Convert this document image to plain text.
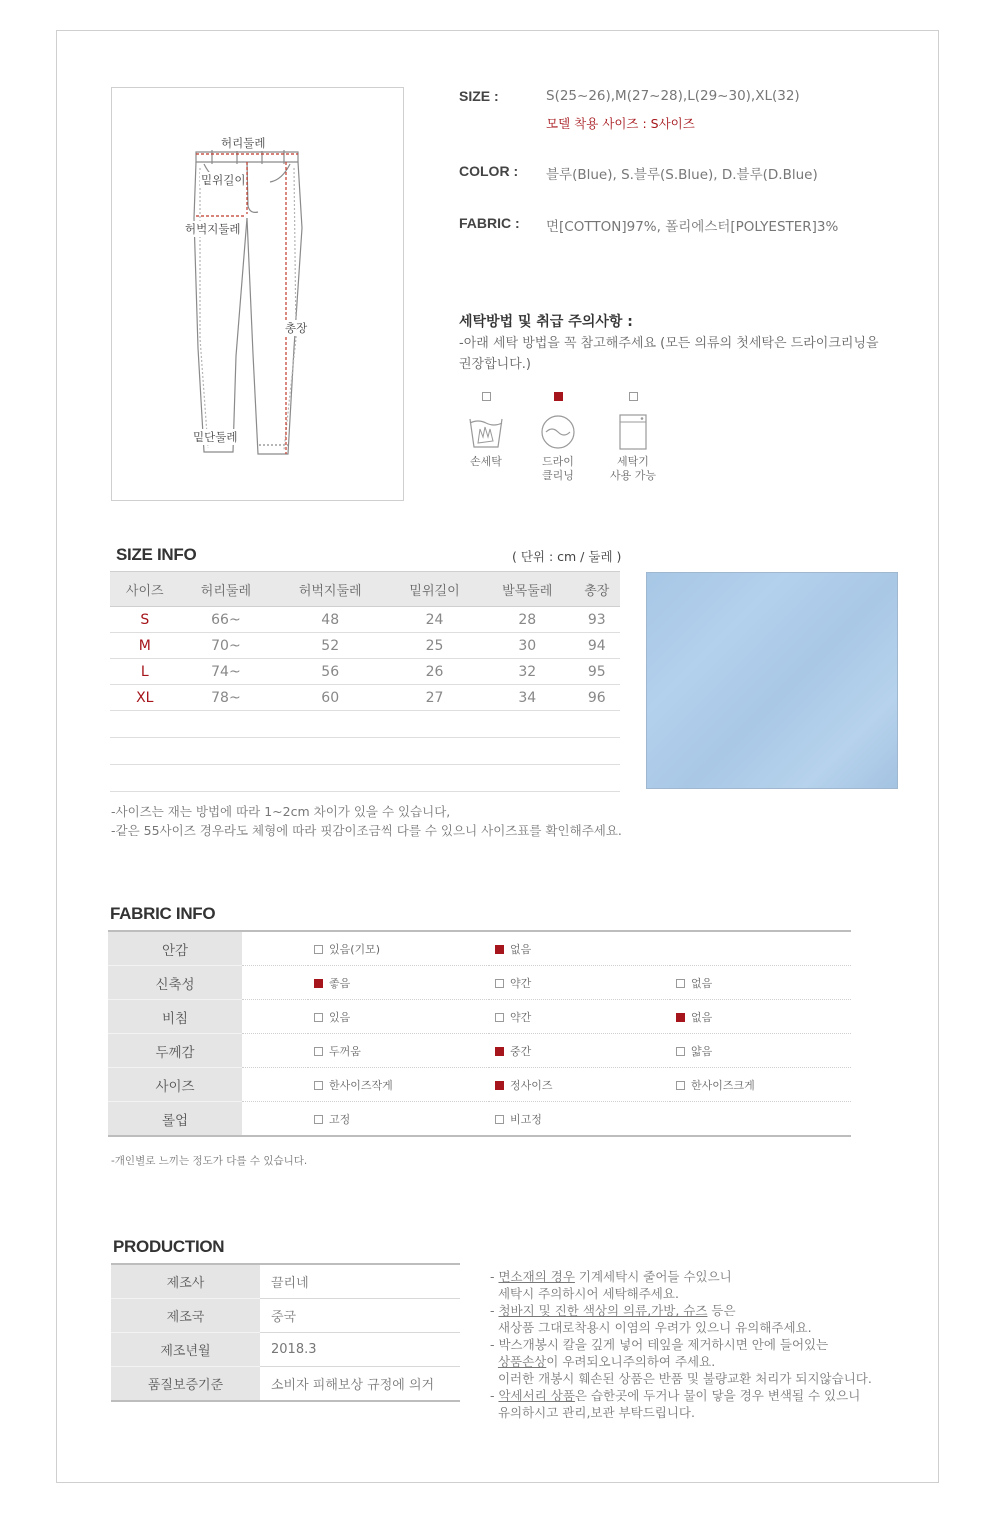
허리둘레
밑위길이
허벅지둘레
총장
밑단둘레
SIZE :	S(25~26),M(27~28),L(29~30),XL(32)
모델 착용 사이즈 : S사이즈
COLOR : 블루(Blue), S.블루(S.Blue), D.블루(D.Blue)
FABRIC : 면[COTTON]97%, 폴리에스터[POLYESTER]3%
세탁방법 및 취급 주의사항 :
-아래 세탁 방법을 꼭 참고해주세요 (모든 의류의 첫세탁은 드라이크리닝을 권장합니다.)

손세탁	드라이
클리닝

세탁기
사용 가능
SIZE INFO	( 단위 : cm / 둘레 )
사이즈	허리둘레	허벅지둘레	밑위길이	발목둘레	총장
S	66~	48	24	28	93
M	70~	52	25	30	94
L	74~	56	26	32	95
XL	78~	60	27	34	96

-사이즈는 재는 방법에 따라 1~2cm 차이가 있을 수 있습니다,
-같은 55사이즈 경우라도 체형에 따라 핏감이조금씩 다를 수 있으니 사이즈표를 확인해주세요.
FABRIC INFO
안감		있음(기모)	없음	
신축성		좋음	약간	없음
비침		있음	약간	없음
두께감		두꺼움	중간	얇음
사이즈		한사이즈작게	정사이즈	한사이즈크게
롤업		고정	비고정	
-개인별로 느끼는 정도가 다를 수 있습니다.
PRODUCTION
제조사	끌리네
제조국	중국
제조년월	2018.3
품질보증기준	소비자 피해보상 규정에 의거
- 면소재의 경우 기계세탁시 줄어들 수있으니
세탁시 주의하시어 세탁해주세요.
- 청바지 및 진한 색상의 의류,가방, 슈즈 등은
새상품 그대로착용시 이염의 우려가 있으니 유의해주세요.
- 박스개봉시 칼을 깊게 넣어 테잎을 제거하시면 안에 들어있는
상품손상이 우려되오니주의하여 주세요.
이러한 개봉시 훼손된 상품은 반품 및 불량교환 처리가 되지않습니다.
- 악세서리 상품은 습한곳에 두거나 물이 닿을 경우 변색될 수 있으니
유의하시고 관리,보관 부탁드립니다.
